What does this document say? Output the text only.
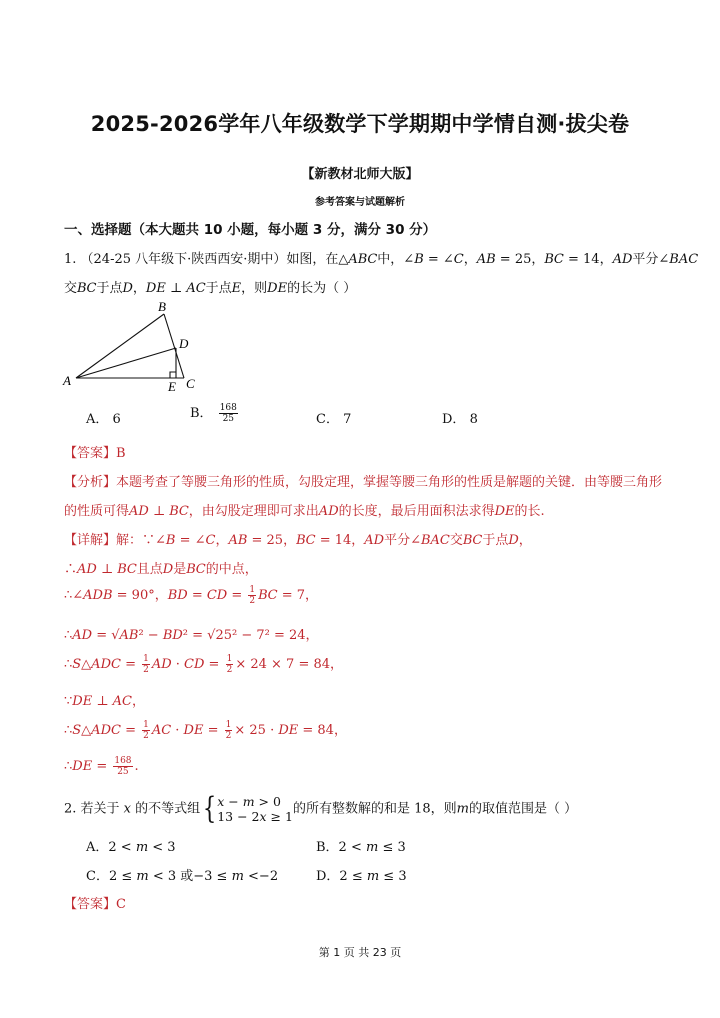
2025-2026学年八年级数学下学期期中学情自测·拔尖卷
【新教材北师大版】
参考答案与试题解析
一、选择题（本大题共 10 小题，每小题 3 分，满分 30 分）
1. （24-25 八年级下·陕西西安·期中）如图，在△𝐴𝐵𝐶中，∠𝐵 = ∠𝐶，𝐴𝐵 = 25，𝐵𝐶 = 14，𝐴𝐷平分∠𝐵𝐴𝐶
交𝐵𝐶于点𝐷，𝐷𝐸 ⊥ 𝐴𝐶于点𝐸，则𝐷𝐸的长为（ ）
A
B
C
D
E
A． 6	B． $\frac{168}{25}$	C． 7	D． 8
【答案】B
【分析】本题考查了等腰三角形的性质，勾股定理，掌握等腰三角形的性质是解题的关键．由等腰三角形
的性质可得𝐴𝐷 ⊥ 𝐵𝐶，由勾股定理即可求出𝐴𝐷的长度，最后用面积法求得𝐷𝐸的长.
【详解】解：∵∠𝐵 = ∠𝐶，𝐴𝐵 = 25，𝐵𝐶 = 14，𝐴𝐷平分∠𝐵𝐴𝐶交𝐵𝐶于点𝐷，
∴𝐴𝐷 ⊥ 𝐵𝐶且点𝐷是𝐵𝐶的中点，
∴∠𝐴𝐷𝐵 = 90°，𝐵𝐷 = 𝐶𝐷 = $\frac{1}{2}$ 𝐵𝐶 = 7，
∴𝐴𝐷 = √𝐴𝐵² − 𝐵𝐷² = √25² − 7² = 24，
∴𝑆△𝐴𝐷𝐶 = $\frac{1}{2}$ 𝐴𝐷 · 𝐶𝐷 = $\frac{1}{2} \times 24 \times 7 = 84$，
∵𝐷𝐸 ⊥ 𝐴𝐶，
∴𝑆△𝐴𝐷𝐶 = $\frac{1}{2}$ 𝐴𝐶 · 𝐷𝐸 = $\frac{1}{2} \times 25$ · 𝐷𝐸 = 84，
∴𝐷𝐸 = $\frac{168}{25}$ .
2. 若关于 𝑥 的不等式组{ 𝑥 − 𝑚 > 0
13 − 2𝑥 ≥ 1 的所有整数解的和是 18，则𝑚的取值范围是（ ）
A．2 < 𝑚 < 3	B．2 < 𝑚 ≤ 3
C．2 ≤ 𝑚 < 3 或−3 ≤ 𝑚 <−2	D．2 ≤ 𝑚 ≤ 3
【答案】C
第 1 页 共 23 页
